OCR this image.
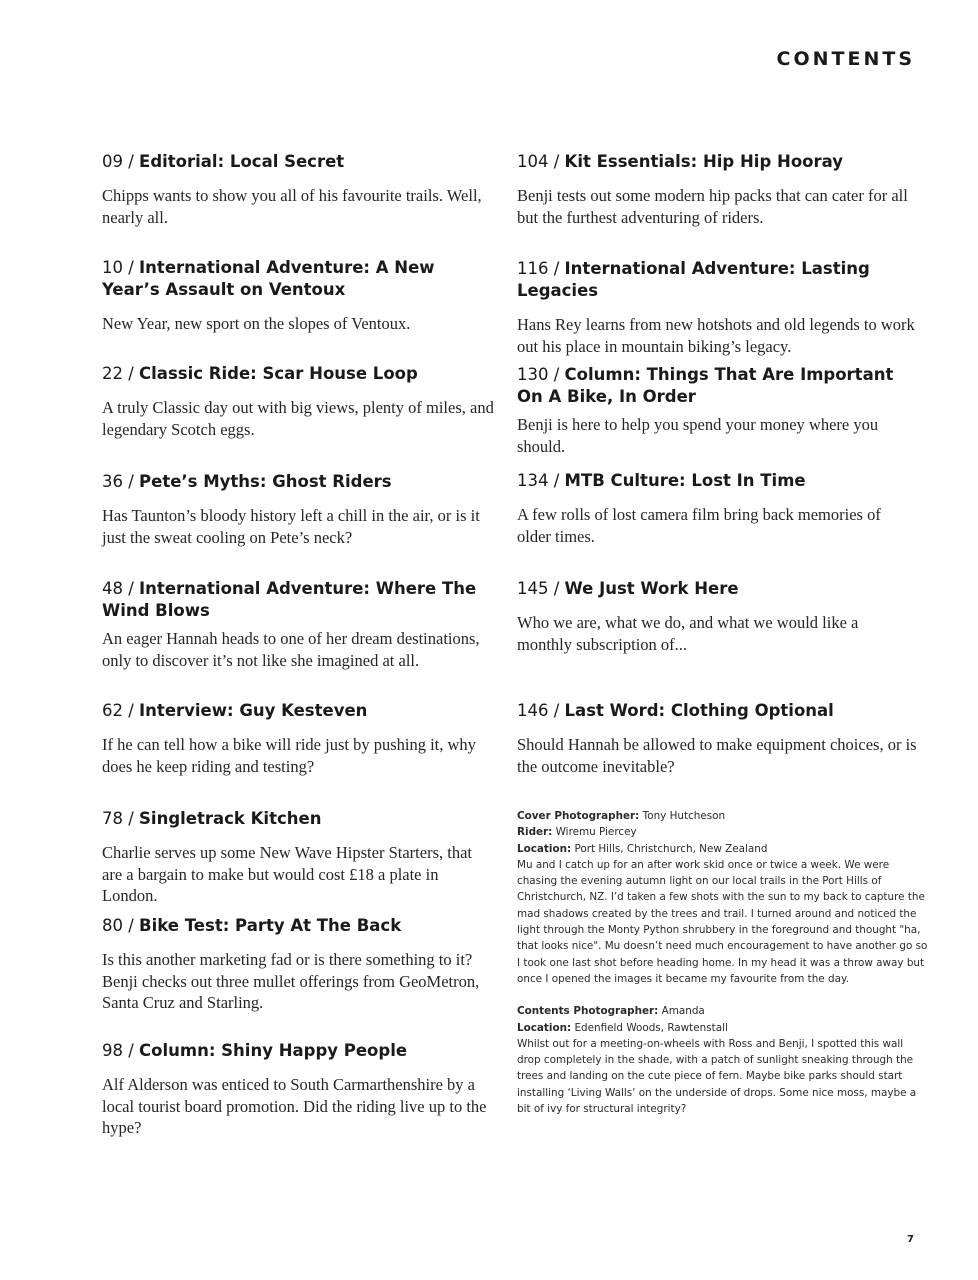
CONTENTS

09 / Editorial: Local Secret

Chipps wants to show you all of his favourite trails. Well, nearly all.

10 / International Adventure: A New Year’s Assault on Ventoux

New Year, new sport on the slopes of Ventoux.

22 / Classic Ride: Scar House Loop

A truly Classic day out with big views, plenty of miles, and legendary Scotch eggs.

36 / Pete’s Myths: Ghost Riders

Has Taunton’s bloody history left a chill in the air, or is it just the sweat cooling on Pete’s neck?

48 / International Adventure: Where The Wind Blows

An eager Hannah heads to one of her dream destinations, only to discover it’s not like she imagined at all.

62 / Interview: Guy Kesteven

If he can tell how a bike will ride just by pushing it, why does he keep riding and testing?

78 / Singletrack Kitchen

Charlie serves up some New Wave Hipster Starters, that are a bargain to make but would cost £18 a plate in London.

80 / Bike Test: Party At The Back

Is this another marketing fad or is there something to it? Benji checks out three mullet offerings from GeoMetron, Santa Cruz and Starling.

98 / Column: Shiny Happy People

Alf Alderson was enticed to South Carmarthenshire by a local tourist board promotion. Did the riding live up to the hype?

104 / Kit Essentials: Hip Hip Hooray

Benji tests out some modern hip packs that can cater for all but the furthest adventuring of riders.

116 / International Adventure: Lasting Legacies

Hans Rey learns from new hotshots and old legends to work out his place in mountain biking’s legacy.

130 / Column: Things That Are Important On A Bike, In Order

Benji is here to help you spend your money where you should.

134 / MTB Culture: Lost In Time

A few rolls of lost camera film bring back memories of older times.

145 / We Just Work Here

Who we are, what we do, and what we would like a monthly subscription of...

146 / Last Word: Clothing Optional

Should Hannah be allowed to make equipment choices, or is the outcome inevitable?

Cover Photographer: Tony Hutcheson
Rider: Wiremu Piercey
Location: Port Hills, Christchurch, New Zealand
Mu and I catch up for an after work skid once or twice a week. We were
chasing the evening autumn light on our local trails in the Port Hills of
Christchurch, NZ. I’d taken a few shots with the sun to my back to capture the
mad shadows created by the trees and trail. I turned around and noticed the
light through the Monty Python shrubbery in the foreground and thought "ha,
that looks nice". Mu doesn’t need much encouragement to have another go so
I took one last shot before heading home. In my head it was a throw away but
once I opened the images it became my favourite from the day.
Contents Photographer: Amanda
Location: Edenfield Woods, Rawtenstall
Whilst out for a meeting-on-wheels with Ross and Benji, I spotted this wall
drop completely in the shade, with a patch of sunlight sneaking through the
trees and landing on the cute piece of fern. Maybe bike parks should start
installing ‘Living Walls’ on the underside of drops. Some nice moss, maybe a
bit of ivy for structural integrity?
7
